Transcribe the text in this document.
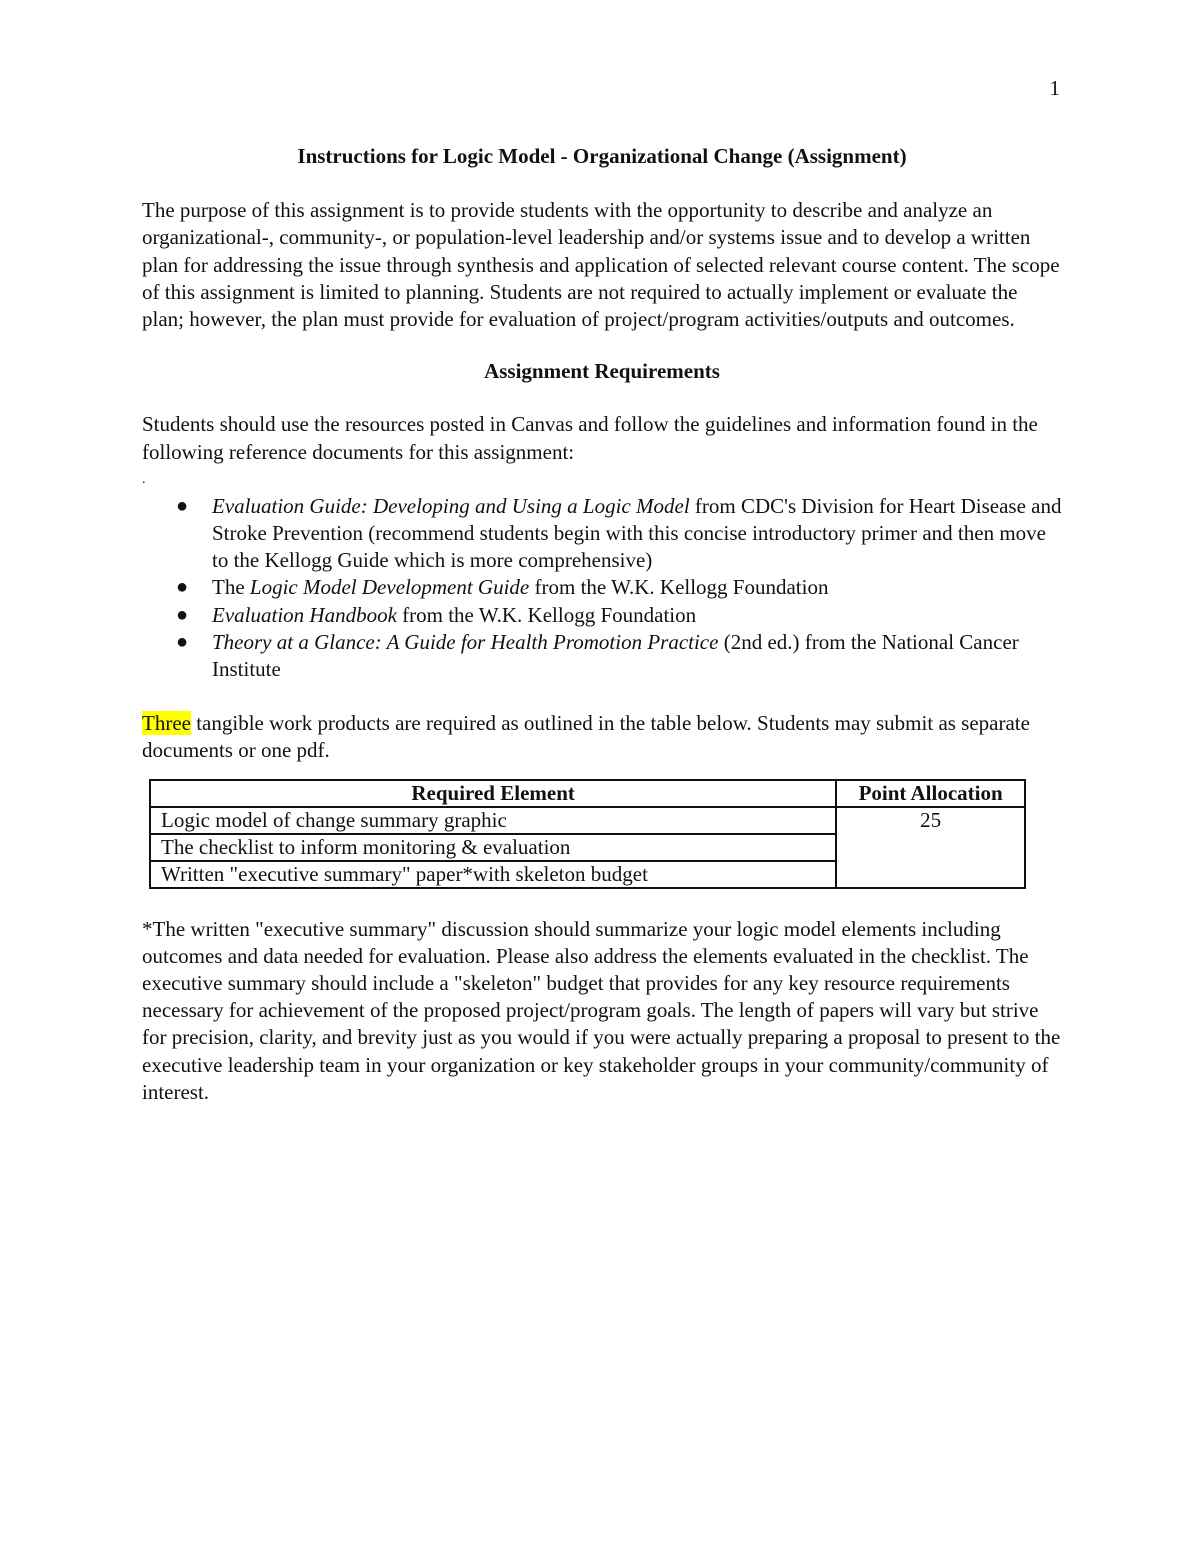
1
Instructions for Logic Model - Organizational Change (Assignment)

The purpose of this assignment is to provide students with the opportunity to describe and analyze an organizational-, community-, or population-level leadership and/or systems issue and to develop a written plan for addressing the issue through synthesis and application of selected relevant course content. The scope of this assignment is limited to planning. Students are not required to actually implement or evaluate the plan; however, the plan must provide for evaluation of project/program activities/outputs and outcomes.

Assignment Requirements

Students should use the resources posted in Canvas and follow the guidelines and information found in the following reference documents for this assignment:

.
● Evaluation Guide: Developing and Using a Logic Model from CDC's Division for Heart Disease and Stroke Prevention (recommend students begin with this concise introductory primer and then move to the Kellogg Guide which is more comprehensive)
● The Logic Model Development Guide from the W.K. Kellogg Foundation
● Evaluation Handbook from the W.K. Kellogg Foundation
● Theory at a Glance: A Guide for Health Promotion Practice (2nd ed.) from the National Cancer Institute

Three tangible work products are required as outlined in the table below. Students may submit as separate documents or one pdf.

Required Element	Point Allocation
Logic model of change summary graphic	25
The checklist to inform monitoring & evaluation	
Written "executive summary" paper*with skeleton budget	

*The written "executive summary" discussion should summarize your logic model elements including outcomes and data needed for evaluation. Please also address the elements evaluated in the checklist. The executive summary should include a "skeleton" budget that provides for any key resource requirements necessary for achievement of the proposed project/program goals. The length of papers will vary but strive for precision, clarity, and brevity just as you would if you were actually preparing a proposal to present to the executive leadership team in your organization or key stakeholder groups in your community/community of interest.
